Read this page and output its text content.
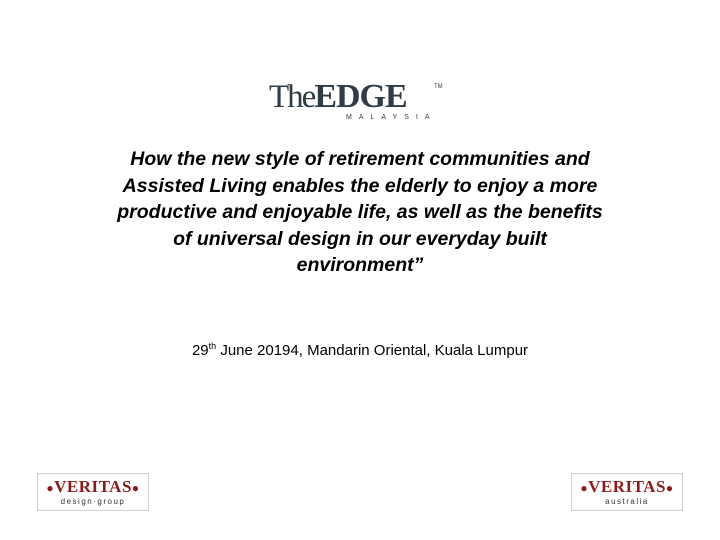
TheEDGE	TM
MALAYSIA

How the new style of retirement communities and Assisted Living enables the elderly to enjoy a more productive and enjoyable life, as well as the benefits of universal design in our everyday built environment”

29th June 20194, Mandarin Oriental, Kuala Lumpur
●VERITAS●
design·group
●VERITAS●
australia
